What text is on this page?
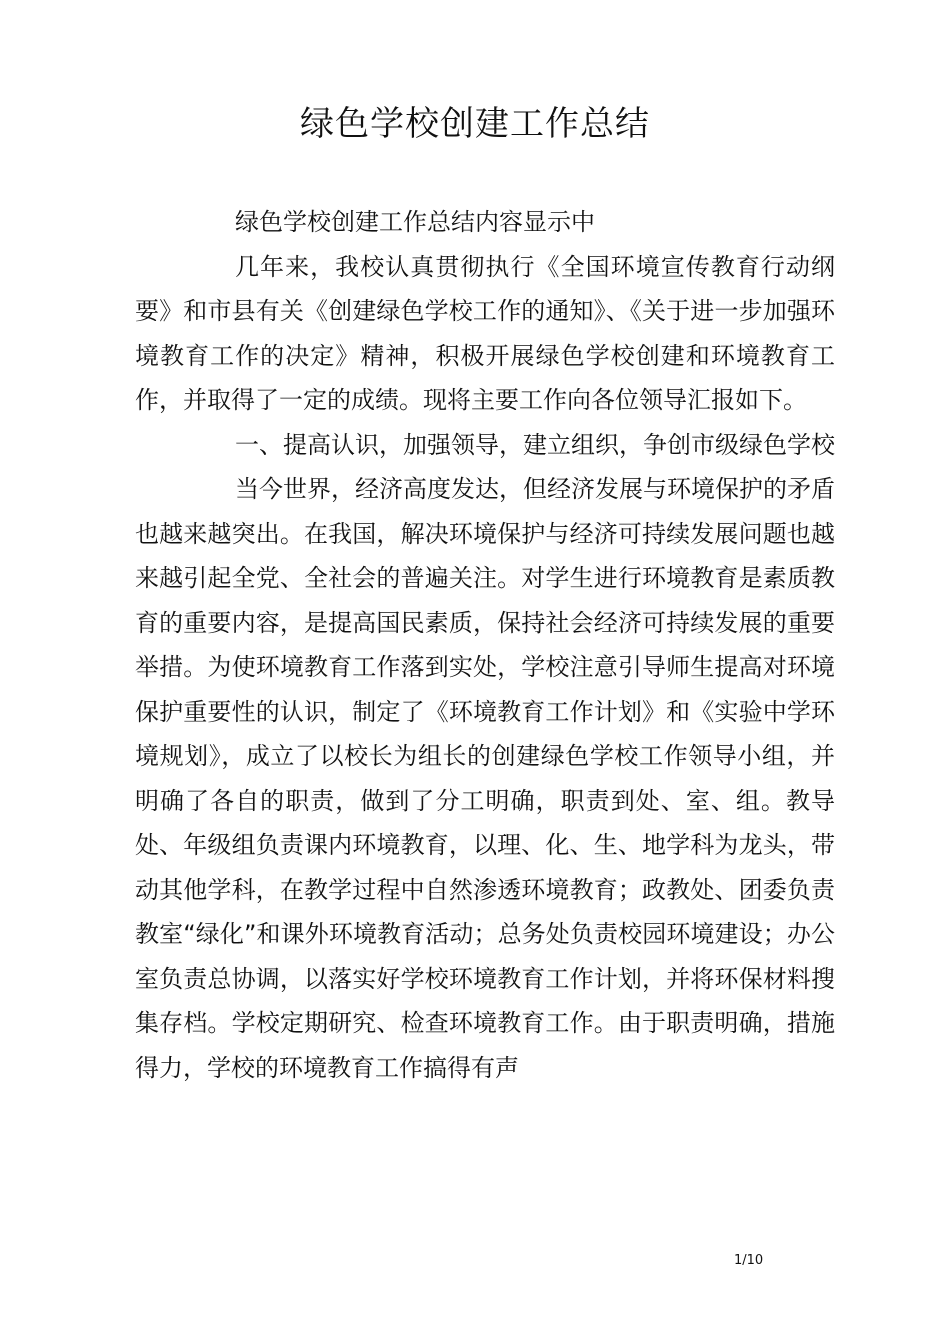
绿色学校创建工作总结

绿色学校创建工作总结内容显示中

几年来，我校认真贯彻执行《全国环境宣传教育行动纲要》和市县有关《创建绿色学校工作的通知》、《关于进一步加强环境教育工作的决定》精神，积极开展绿色学校创建和环境教育工作，并取得了一定的成绩。现将主要工作向各位领导汇报如下。

一、提高认识，加强领导，建立组织，争创市级绿色学校

当今世界，经济高度发达，但经济发展与环境保护的矛盾也越来越突出。在我国，解决环境保护与经济可持续发展问题也越来越引起全党、全社会的普遍关注。对学生进行环境教育是素质教育的重要内容，是提高国民素质，保持社会经济可持续发展的重要举措。为使环境教育工作落到实处，学校注意引导师生提高对环境保护重要性的认识，制定了《环境教育工作计划》和《实验中学环境规划》，成立了以校长为组长的创建绿色学校工作领导小组，并明确了各自的职责，做到了分工明确，职责到处、室、组。教导处、年级组负责课内环境教育，以理、化、生、地学科为龙头，带动其他学科，在教学过程中自然渗透环境教育；政教处、团委负责教室“绿化”和课外环境教育活动；总务处负责校园环境建设；办公室负责总协调，以落实好学校环境教育工作计划，并将环保材料搜集存档。学校定期研究、检查环境教育工作。由于职责明确，措施得力，学校的环境教育工作搞得有声

1/10
